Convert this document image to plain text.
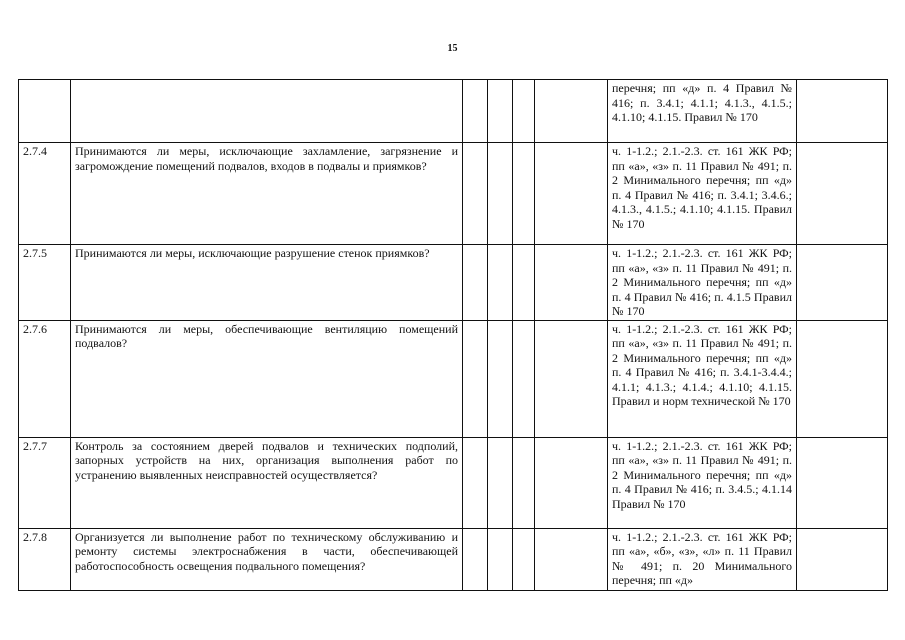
15
						перечня; пп «д» п. 4 Правил № 416; п. 3.4.1; 4.1.1; 4.1.3., 4.1.5.; 4.1.10; 4.1.15. Правил № 170	
2.7.4	Принимаются ли меры, исключающие захламление, загрязнение и загромождение помещений подвалов, входов в подвалы и приямков?					ч. 1-1.2.; 2.1.-2.3. ст. 161 ЖК РФ; пп «а», «з» п. 11 Правил № 491; п. 2 Минимального перечня; пп «д» п. 4 Правил № 416; п. 3.4.1; 3.4.6.; 4.1.3., 4.1.5.; 4.1.10; 4.1.15. Правил № 170	
2.7.5	Принимаются ли меры, исключающие разрушение стенок приямков?					ч. 1-1.2.; 2.1.-2.3. ст. 161 ЖК РФ; пп «а», «з» п. 11 Правил № 491; п. 2 Минимального перечня; пп «д» п. 4 Правил № 416; п. 4.1.5 Правил № 170	
2.7.6	Принимаются ли меры, обеспечивающие вентиляцию помещений подвалов?					ч. 1-1.2.; 2.1.-2.3. ст. 161 ЖК РФ; пп «а», «з» п. 11 Правил № 491; п. 2 Минимального перечня; пп «д» п. 4 Правил № 416; п. 3.4.1-3.4.4.; 4.1.1; 4.1.3.; 4.1.4.; 4.1.10; 4.1.15. Правил и норм технической № 170	
2.7.7	Контроль за состоянием дверей подвалов и технических подполий, запорных устройств на них, организация выполнения работ по устранению выявленных неисправностей осуществляется?					ч. 1-1.2.; 2.1.-2.3. ст. 161 ЖК РФ; пп «а», «з» п. 11 Правил № 491; п. 2 Минимального перечня; пп «д» п. 4 Правил № 416; п. 3.4.5.; 4.1.14 Правил № 170	
2.7.8	Организуется ли выполнение работ по техническому обслуживанию и ремонту системы электроснабжения в части, обеспечивающей работоспособность освещения подвального помещения?					ч. 1-1.2.; 2.1.-2.3. ст. 161 ЖК РФ; пп «а», «б», «з», «л» п. 11 Правил № 491; п. 20 Минимального перечня; пп «д»	
